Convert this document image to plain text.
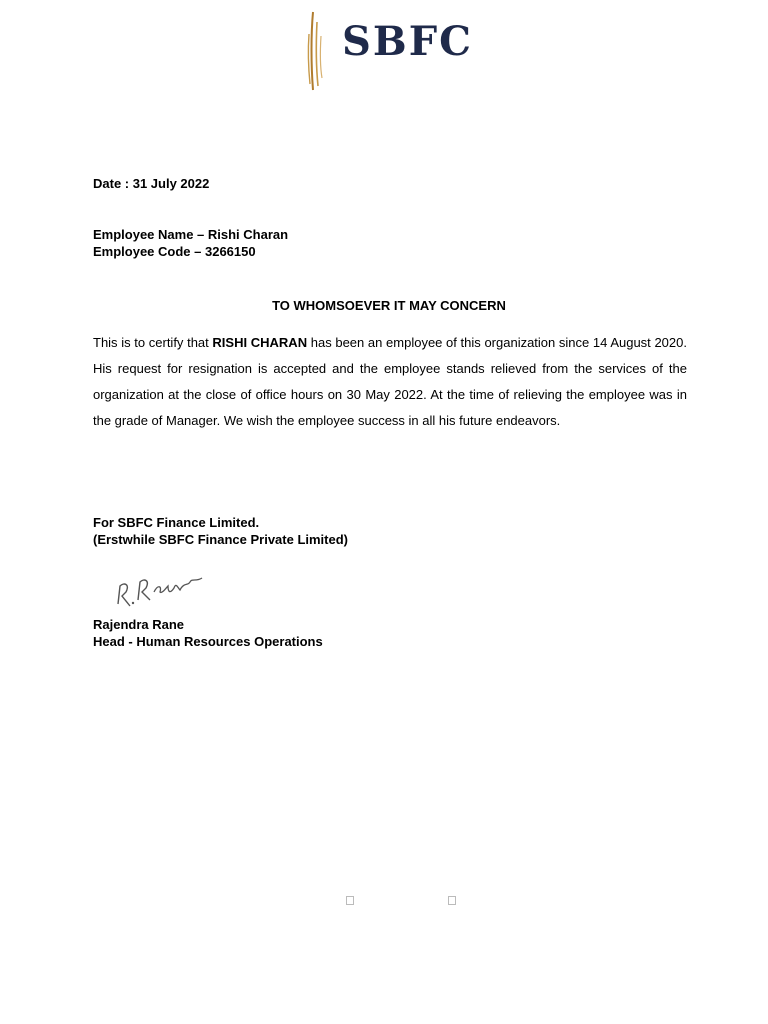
SBFC
Date : 31 July 2022
Employee Name – Rishi Charan
Employee Code – 3266150
TO WHOMSOEVER IT MAY CONCERN
This is to certify that RISHI CHARAN has been an employee of this organization since 14 August 2020. His request for resignation is accepted and the employee stands relieved from the services of the organization at the close of office hours on 30 May 2022. At the time of relieving the employee was in the grade of Manager. We wish the employee success in all his future endeavors.
For SBFC Finance Limited.
(Erstwhile SBFC Finance Private Limited)
Rajendra Rane
Head - Human Resources Operations
